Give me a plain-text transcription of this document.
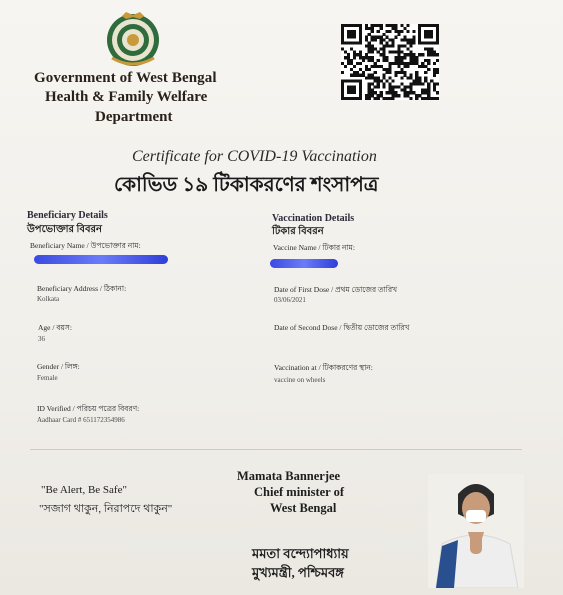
Government of West Bengal
Health & Family Welfare
Department
Certificate for COVID-19 Vaccination
কোভিড ১৯ টিকাকরণের শংসাপত্র
Beneficiary Details
উপভোক্তার বিবরন
Beneficiary Name / উপভোক্তার নাম:
Beneficiary Address / ঠিকানা:
Kolkata
Age / বয়স:
36
Gender / লিঙ্গ:
Female
ID Verified / পরিচয় পত্রের বিবরণ:
Aadhaar Card # 651172354986
Vaccination Details
টিকার বিবরন
Vaccine Name / টিকার নাম:
Date of First Dose / প্রথম ডোজের তারিখ
03/06/2021
Date of Second Dose / দ্বিতীয় ডোজের তারিখ
Vaccination at / টিকাকরণের স্থান:
vaccine on wheels
"Be Alert, Be Safe"
"সজাগ থাকুন, নিরাপদে থাকুন"
Mamata Bannerjee
Chief minister of
West Bengal
মমতা বন্দ্যোপাধ্যায়
মুখ্যমন্ত্রী, পশ্চিমবঙ্গ
